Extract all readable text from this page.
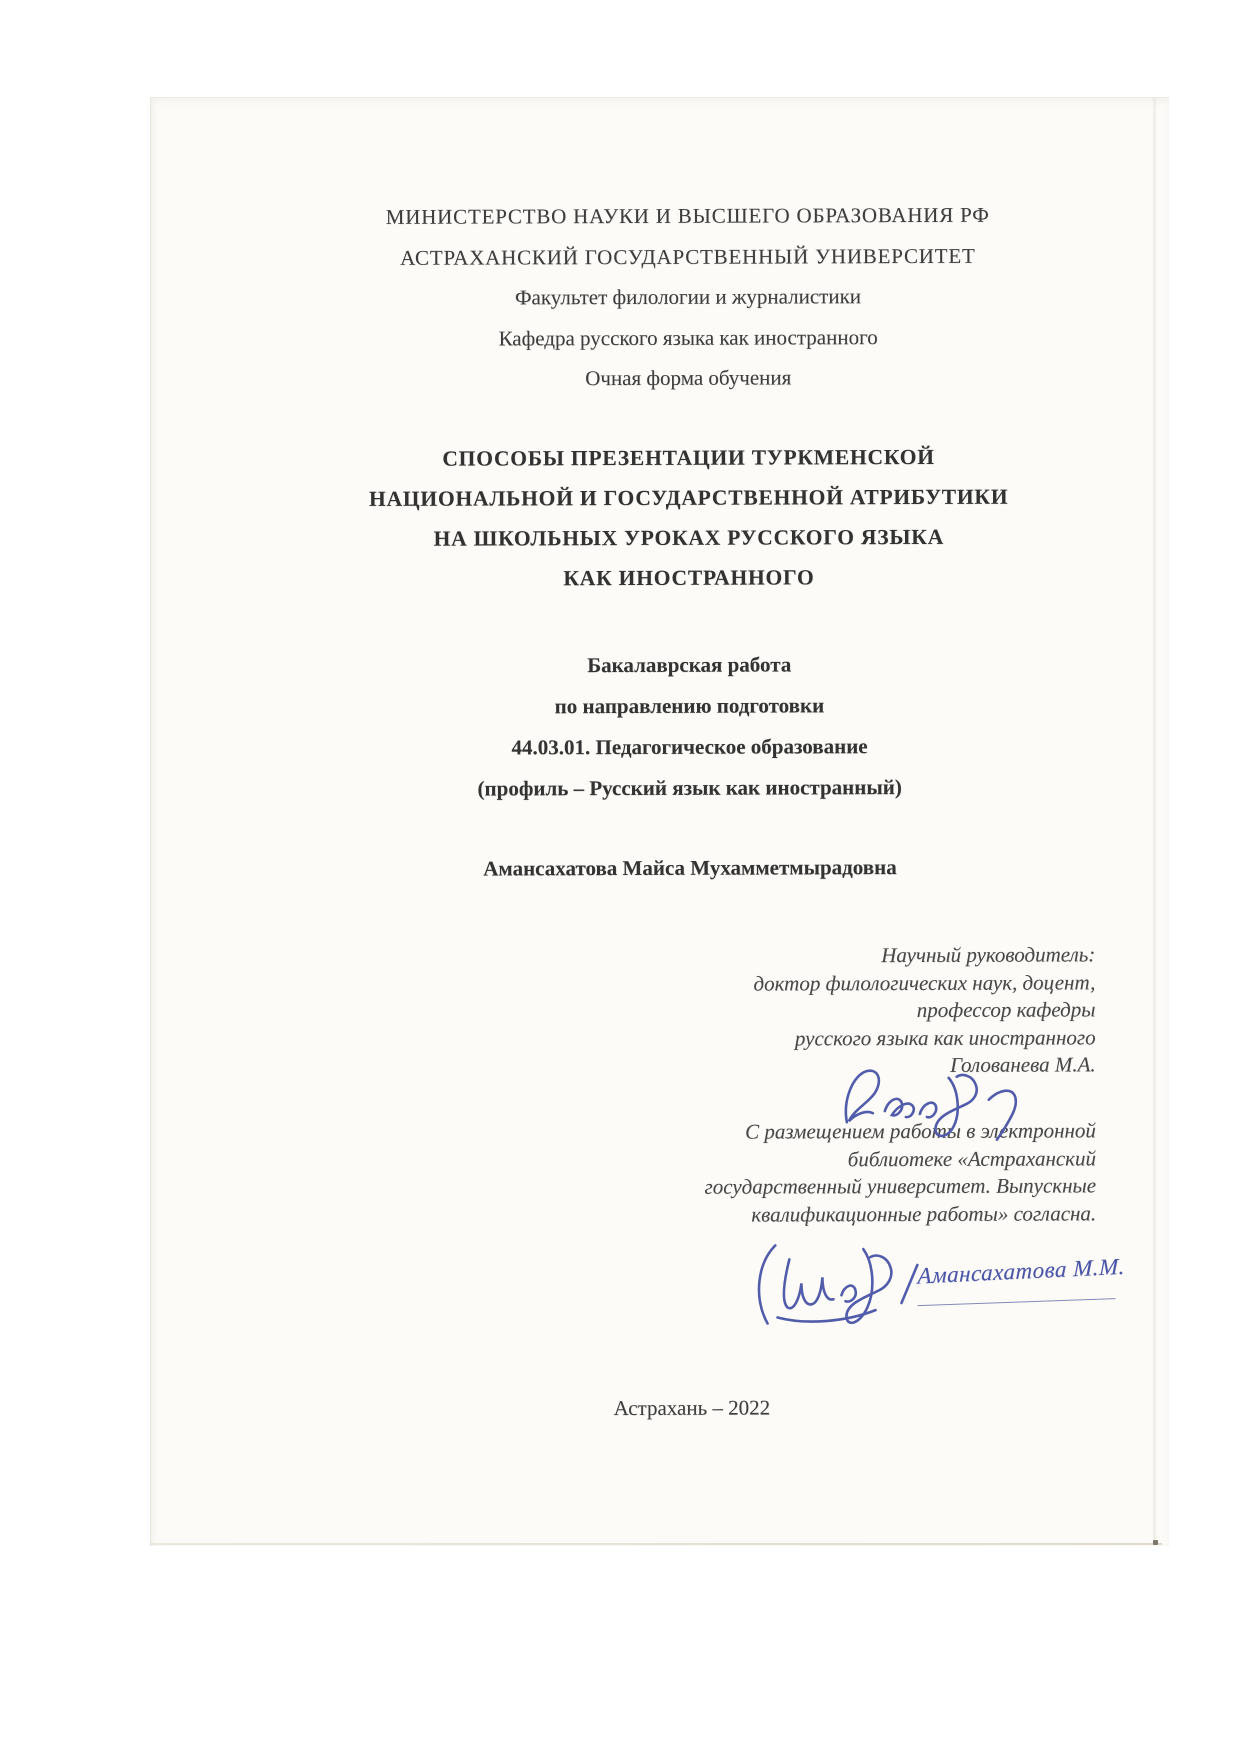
МИНИСТЕРСТВО НАУКИ И ВЫСШЕГО ОБРАЗОВАНИЯ РФ
АСТРАХАНСКИЙ ГОСУДАРСТВЕННЫЙ УНИВЕРСИТЕТ
Факультет филологии и журналистики
Кафедра русского языка как иностранного
Очная форма обучения
СПОСОБЫ ПРЕЗЕНТАЦИИ ТУРКМЕНСКОЙ
НАЦИОНАЛЬНОЙ И ГОСУДАРСТВЕННОЙ АТРИБУТИКИ
НА ШКОЛЬНЫХ УРОКАХ РУССКОГО ЯЗЫКА
КАК ИНОСТРАННОГО
Бакалаврская работа
по направлению подготовки
44.03.01. Педагогическое образование
(профиль – Русский язык как иностранный)
Амансахатова Майса Мухамметмырадовна
Научный руководитель:
доктор филологических наук, доцент,
профессор кафедры
русского языка как иностранного
Голованева М.А.
С размещением работы в электронной
библиотеке «Астраханский
государственный университет. Выпускные
квалификационные работы» согласна.
Амансахатова М.М.
Астрахань – 2022
